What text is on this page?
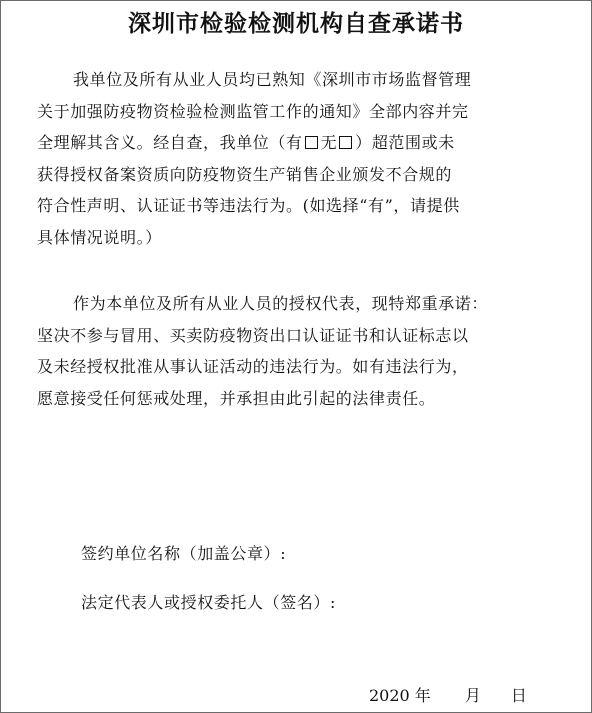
深圳市检验检测机构自查承诺书
我单位及所有从业人员均已熟知《深圳市市场监督管理
关于加强防疫物资检验检测监管工作的通知》全部内容并完
全理解其含义。经自查，我单位（有 无 ）超范围或未
获得授权备案资质向防疫物资生产销售企业颁发不合规的
符合性声明、认证证书等违法行为。(如选择“有”，请提供
具体情况说明。）
作为本单位及所有从业人员的授权代表，现特郑重承诺：
坚决不参与冒用、买卖防疫物资出口认证证书和认证标志以
及未经授权批准从事认证活动的违法行为。如有违法行为，
愿意接受任何惩戒处理，并承担由此引起的法律责任。
签约单位名称（加盖公章）:
法定代表人或授权委托人（签名）:
2020 年 月 日
